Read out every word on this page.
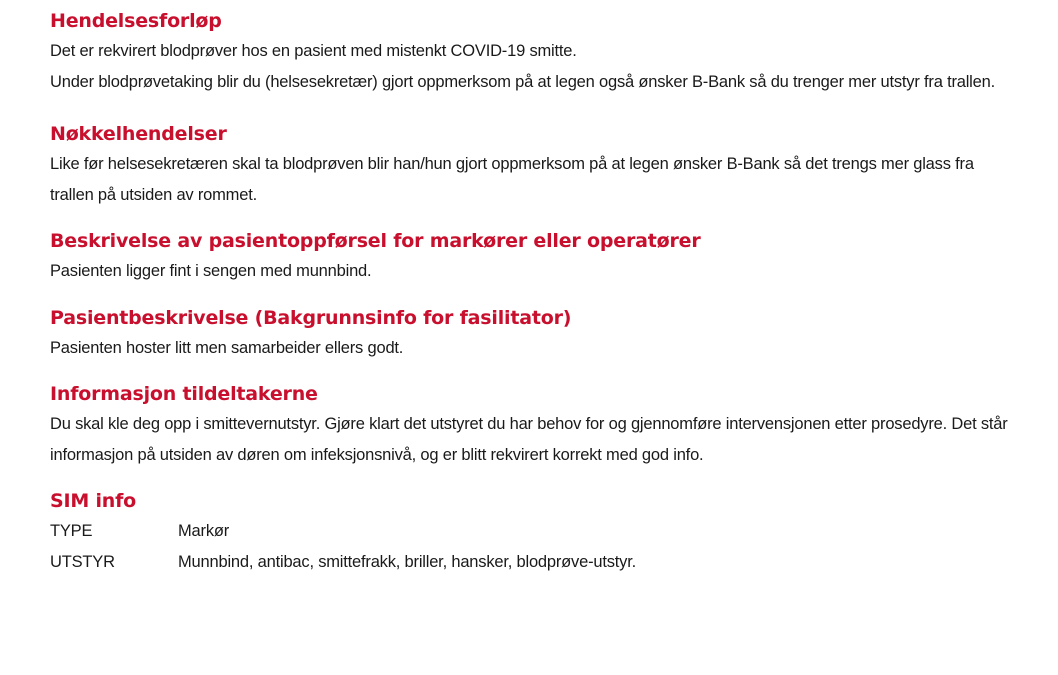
Hendelsesforløp

Det er rekvirert blodprøver hos en pasient med mistenkt COVID-19 smitte.

Under blodprøvetaking blir du (helsesekretær) gjort oppmerksom på at legen også ønsker B-Bank så du trenger mer utstyr fra trallen.

Nøkkelhendelser

Like før helsesekretæren skal ta blodprøven blir han/hun gjort oppmerksom på at legen ønsker B-Bank så det trengs mer glass fra trallen på utsiden av rommet.

Beskrivelse av pasientoppførsel for markører eller operatører

Pasienten ligger fint i sengen med munnbind.

Pasientbeskrivelse (Bakgrunnsinfo for fasilitator)

Pasienten hoster litt men samarbeider ellers godt.

Informasjon tildeltakerne

Du skal kle deg opp i smittevernutstyr. Gjøre klart det utstyret du har behov for og gjennomføre intervensjonen etter prosedyre. Det står informasjon på utsiden av døren om infeksjonsnivå, og er blitt rekvirert korrekt med god info.

SIM info
TYPE	Markør
UTSTYR	Munnbind, antibac, smittefrakk, briller, hansker, blodprøve-utstyr.
